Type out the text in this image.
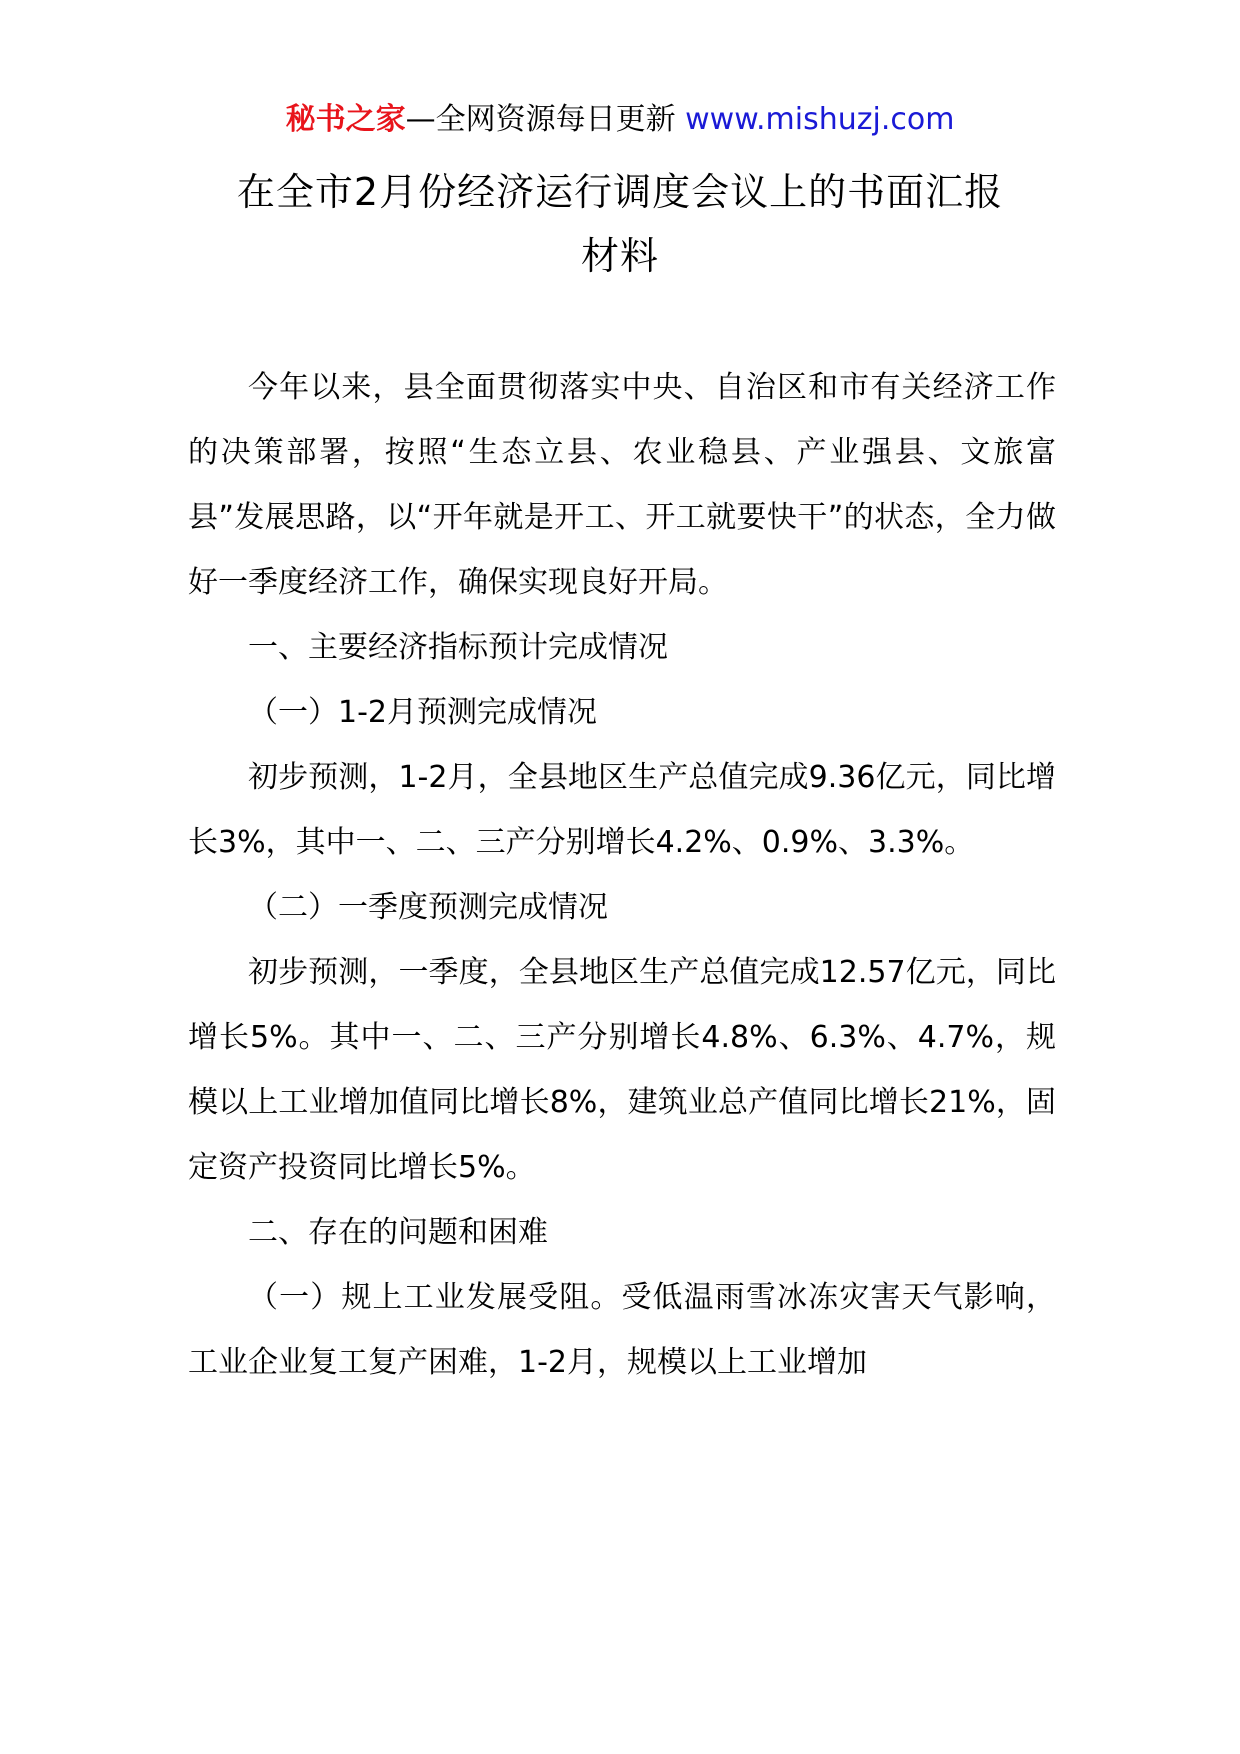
秘书之家—全网资源每日更新 www.mishuzj.com
在全市2月份经济运行调度会议上的书面汇报
材料

今年以来，县全面贯彻落实中央、自治区和市有关经济工作的决策部署，按照“生态立县、农业稳县、产业强县、文旅富县”发展思路，以“开年就是开工、开工就要快干”的状态，全力做好一季度经济工作，确保实现良好开局。

一、主要经济指标预计完成情况

（一）1-2月预测完成情况

初步预测，1-2月，全县地区生产总值完成9.36亿元，同比增长3%，其中一、二、三产分别增长4.2%、0.9%、3.3%。

（二）一季度预测完成情况

初步预测，一季度，全县地区生产总值完成12.57亿元，同比增长5%。其中一、二、三产分别增长4.8%、6.3%、4.7%，规模以上工业增加值同比增长8%，建筑业总产值同比增长21%，固定资产投资同比增长5%。

二、存在的问题和困难

（一）规上工业发展受阻。受低温雨雪冰冻灾害天气影响，工业企业复工复产困难，1-2月，规模以上工业增加
